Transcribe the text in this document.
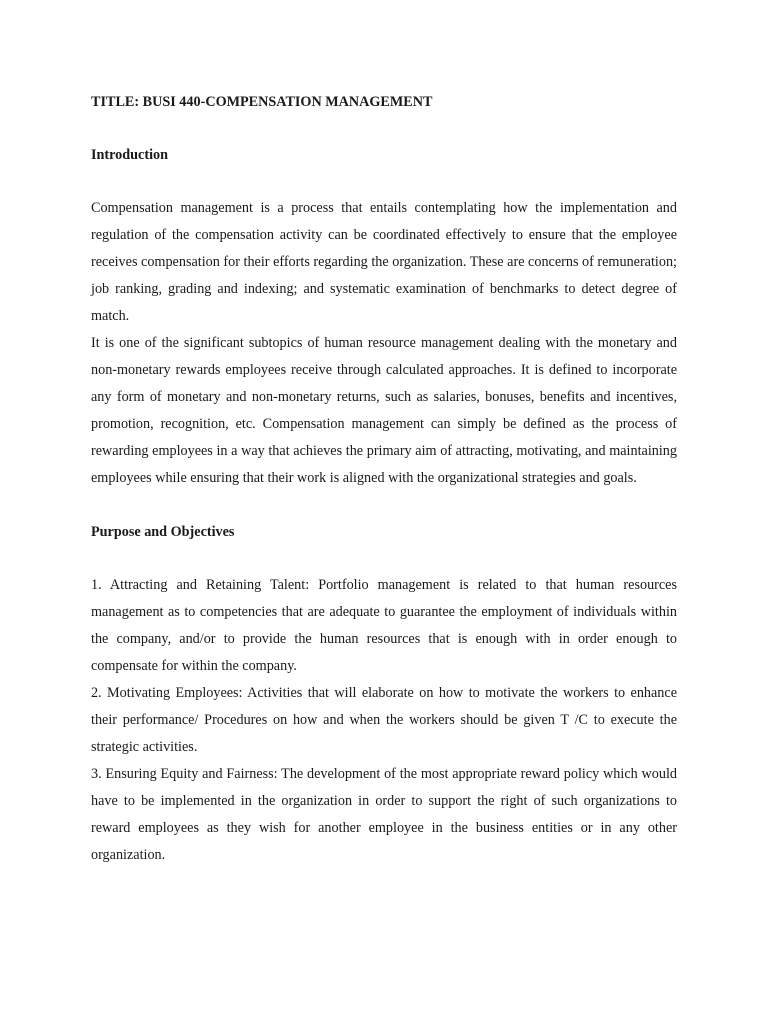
TITLE: BUSI 440-COMPENSATION MANAGEMENT
Introduction

Compensation management is a process that entails contemplating how the implementation and regulation of the compensation activity can be coordinated effectively to ensure that the employee receives compensation for their efforts regarding the organization. These are concerns of remuneration; job ranking, grading and indexing; and systematic examination of benchmarks to detect degree of match.

It is one of the significant subtopics of human resource management dealing with the monetary and non-monetary rewards employees receive through calculated approaches. It is defined to incorporate any form of monetary and non-monetary returns, such as salaries, bonuses, benefits and incentives, promotion, recognition, etc. Compensation management can simply be defined as the process of rewarding employees in a way that achieves the primary aim of attracting, motivating, and maintaining employees while ensuring that their work is aligned with the organizational strategies and goals.

Purpose and Objectives

1. Attracting and Retaining Talent: Portfolio management is related to that human resources management as to competencies that are adequate to guarantee the employment of individuals within the company, and/or to provide the human resources that is enough with in order enough to compensate for within the company.

2. Motivating Employees: Activities that will elaborate on how to motivate the workers to enhance their performance/ Procedures on how and when the workers should be given T /C to execute the strategic activities.

3. Ensuring Equity and Fairness: The development of the most appropriate reward policy which would have to be implemented in the organization in order to support the right of such organizations to reward employees as they wish for another employee in the business entities or in any other organization.
